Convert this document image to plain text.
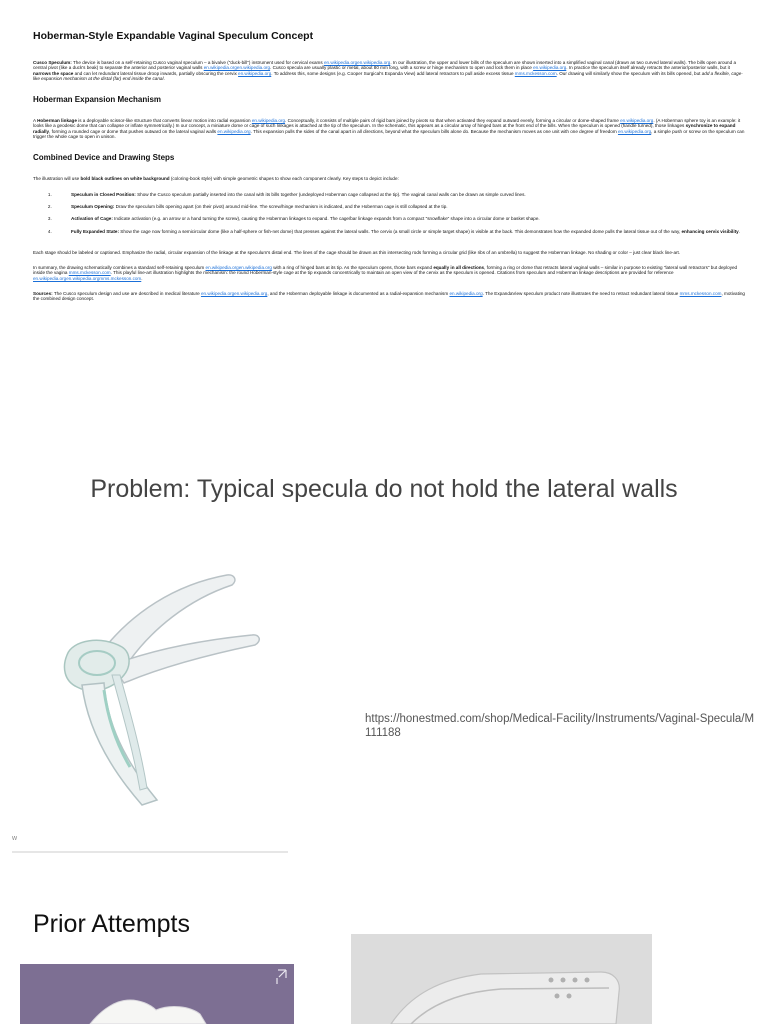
Hoberman-Style Expandable Vaginal Speculum Concept

Cusco Speculum: The device is based on a self-retaining Cusco vaginal speculum – a bivalve ("duck-bill") instrument used for cervical exams en.wikipedia.orgen.wikipedia.org. In our illustration, the upper and lower bills of the speculum are shown inserted into a simplified vaginal canal (drawn as two curved lateral walls). The bills open around a central pivot (like a duck's beak) to separate the anterior and posterior vaginal walls en.wikipedia.orgen.wikipedia.org. Cusco specula are usually plastic or metal, about 80 mm long, with a screw or hinge mechanism to open and lock them in place en.wikipedia.org. In practice the speculum itself already retracts the anterior/posterior walls, but it narrows the space and can let redundant lateral tissue droop inwards, partially obscuring the cervix en.wikipedia.org. To address this, some designs (e.g. Cooper Surgical's Expanda View) add lateral retractors to pull aside excess tissue mms.mckesson.com. Our drawing will similarly show the speculum with its bills opened, but add a flexible, cage-like expansion mechanism at the distal (far) end inside the canal.

Hoberman Expansion Mechanism

A Hoberman linkage is a deployable scissor-like structure that converts linear motion into radial expansion en.wikipedia.org. Conceptually, it consists of multiple pairs of rigid bars joined by pivots so that when activated they expand outward evenly, forming a circular or dome-shaped frame en.wikipedia.org. (A Hoberman sphere toy is an example: it looks like a geodesic dome that can collapse or inflate symmetrically.) In our concept, a miniature dome or cage of such linkages is attached at the tip of the speculum. In the schematic, this appears as a circular array of hinged bars at the front end of the bills. When the speculum is opened (handle turned), those linkages synchronize to expand radially, forming a rounded cage or dome that pushes outward on the lateral vaginal walls en.wikipedia.org. This expansion pulls the sides of the canal apart in all directions, beyond what the speculum bills alone do. Because the mechanism moves as one unit with one degree of freedom en.wikipedia.org, a simple push or screw on the speculum can trigger the whole cage to open in unison.

Combined Device and Drawing Steps

The illustration will use bold black outlines on white background (coloring-book style) with simple geometric shapes to show each component clearly. Key steps to depict include:

1. Speculum in Closed Position: Show the Cusco speculum partially inserted into the canal with its bills together (undeployed Hoberman cage collapsed at the tip). The vaginal canal walls can be drawn as simple curved lines.
2. Speculum Opening: Draw the speculum bills opening apart (on their pivot) around mid-line. The screw/hinge mechanism is indicated, and the Hoberman cage is still collapsed at the tip.
3. Activation of Cage: Indicate activation (e.g. an arrow or a hand turning the screw), causing the Hoberman linkages to expand. The cage/bar linkage expands from a compact "snowflake" shape into a circular dome or basket shape.
4. Fully Expanded State: Show the cage now forming a semicircular dome (like a half-sphere or fish-net dome) that presses against the lateral walls. The cervix (a small circle or simple target shape) is visible at the back. This demonstrates how the expanded dome pulls the lateral tissue out of the way, enhancing cervix visibility.

Each stage should be labeled or captioned. Emphasize the radial, circular expansion of the linkage at the speculum's distal end. The lines of the cage should be drawn as thin intersecting rods forming a circular grid (like ribs of an umbrella) to suggest the Hoberman linkage. No shading or color – just clear black line-art.

In summary, the drawing schematically combines a standard self-retaining speculum en.wikipedia.orgen.wikipedia.org with a ring of hinged bars at its tip. As the speculum opens, those bars expand equally in all directions, forming a ring or dome that retracts lateral vaginal walls – similar in purpose to existing "lateral wall retractors" but deployed inside the vagina mms.mckesson.com. This playful line-art illustration highlights the mechanism: the round Hoberman-style cage at the tip expands concentrically to maintain an open view of the cervix as the speculum is opened. Citations from speculum and Hoberman linkage descriptions are provided for reference en.wikipedia.orgen.wikipedia.orgmms.mckesson.com.

Sources: The Cusco speculum design and use are described in medical literature en.wikipedia.orgen.wikipedia.org, and the Hoberman deployable linkage is documented as a radial-expansion mechanism en.wikipedia.org. The ExpandaView speculum product note illustrates the need to retract redundant lateral tissue mms.mckesson.com, motivating the combined design concept.

Problem: Typical specula do not hold the lateral walls
w
https://honestmed.com/shop/Medical-Facility/Instruments/Vaginal-Specula/M111188
Prior Attempts
